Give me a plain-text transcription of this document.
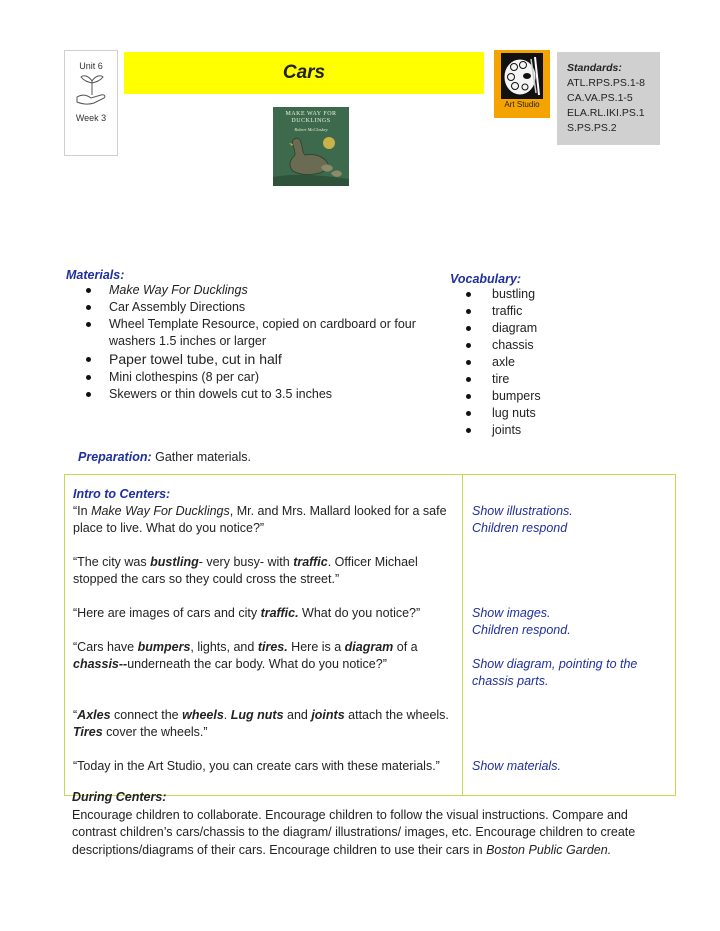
Unit 6
Week 3
Cars
Art Studio
Standards:
ATL.RPS.PS.1-8
CA.VA.PS.1-5
ELA.RL.IKI.PS.1
S.PS.PS.2
MAKE WAY FOR
DUCKLINGS
Robert McCloskey
Materials:
Make Way For Ducklings
Car Assembly Directions
Wheel Template Resource, copied on cardboard or four washers 1.5 inches or larger
Paper towel tube, cut in half
Mini clothespins (8 per car)
Skewers or thin dowels cut to 3.5 inches
Vocabulary:
bustling
traffic
diagram
chassis
axle
tire
bumpers
lug nuts
joints
Preparation: Gather materials.
Intro to Centers:

“In Make Way For Ducklings, Mr. and Mrs. Mallard looked for a safe place to live. What do you notice?”

“The city was bustling- very busy- with traffic. Officer Michael stopped the cars so they could cross the street.”

“Here are images of cars and city traffic. What do you notice?”

“Cars have bumpers, lights, and tires. Here is a diagram of a chassis--underneath the car body. What do you notice?”

“Axles connect the wheels. Lug nuts and joints attach the wheels. Tires cover the wheels.”

“Today in the Art Studio, you can create cars with these materials.”

Show illustrations.
Children respond
Show images.
Children respond.
Show diagram, pointing to the chassis parts.
Show materials.
During Centers:
Encourage children to collaborate. Encourage children to follow the visual instructions. Compare and contrast children’s cars/chassis to the diagram/ illustrations/ images, etc. Encourage children to create descriptions/diagrams of their cars. Encourage children to use their cars in Boston Public Garden.
